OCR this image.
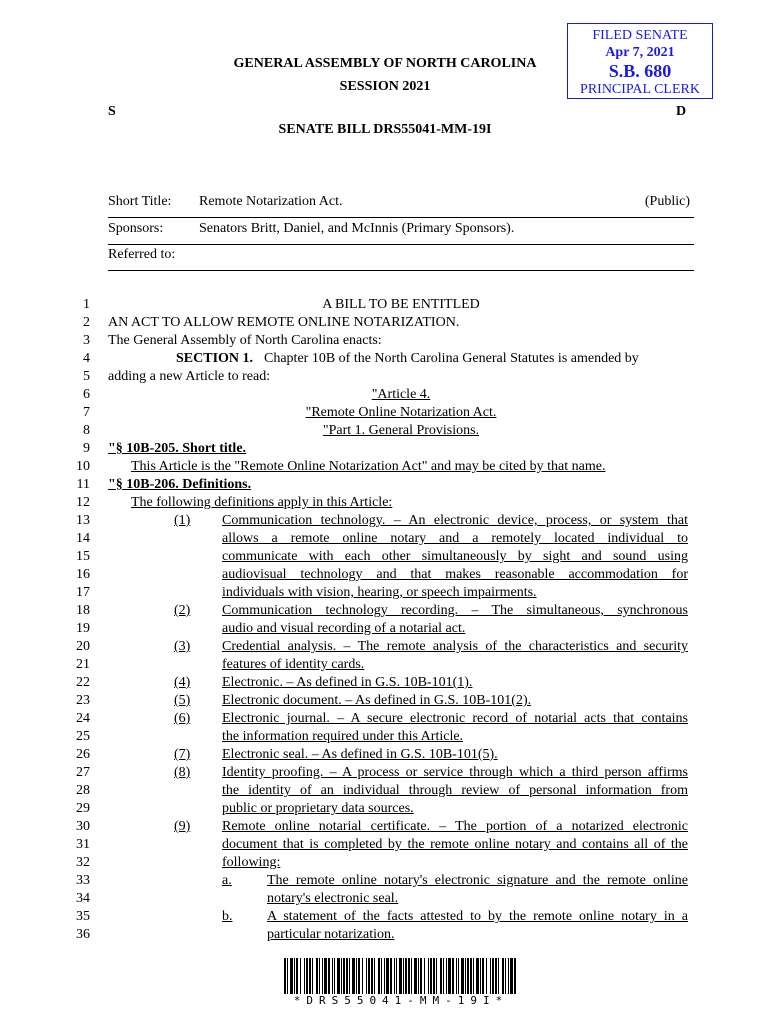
FILED SENATE
Apr 7, 2021
S.B. 680
PRINCIPAL CLERK
GENERAL ASSEMBLY OF NORTH CAROLINA
SESSION 2021
S	D
SENATE BILL DRS55041-MM-19I
Short Title: Remote Notarization Act.	(Public)
Sponsors:	Senators Britt, Daniel, and McInnis (Primary Sponsors).
Referred to:
1	A BILL TO BE ENTITLED
2 AN ACT TO ALLOW REMOTE ONLINE NOTARIZATION.
3 The General Assembly of North Carolina enacts:
4	SECTION 1. Chapter 10B of the North Carolina General Statutes is amended by
5 adding a new Article to read:
6	"Article 4.
7	"Remote Online Notarization Act.
8	"Part 1. General Provisions.
9 "§ 10B-205. Short title.
10	This Article is the "Remote Online Notarization Act" and may be cited by that name.
11 "§ 10B-206. Definitions.
12	The following definitions apply in this Article:
13	(1) Communication technology. – An electronic device, process, or system that
14	allows a remote online notary and a remotely located individual to
15	communicate with each other simultaneously by sight and sound using
16	audiovisual technology and that makes reasonable accommodation for
17	individuals with vision, hearing, or speech impairments.
18	(2) Communication technology recording. – The simultaneous, synchronous
19	audio and visual recording of a notarial act.
20	(3) Credential analysis. – The remote analysis of the characteristics and security
21	features of identity cards.
22	(4) Electronic. – As defined in G.S. 10B-101(1).
23	(5) Electronic document. – As defined in G.S. 10B-101(2).
24	(6) Electronic journal. – A secure electronic record of notarial acts that contains
25	the information required under this Article.
26	(7) Electronic seal. – As defined in G.S. 10B-101(5).
27	(8) Identity proofing. – A process or service through which a third person affirms
28	the identity of an individual through review of personal information from
29	public or proprietary data sources.
30	(9) Remote online notarial certificate. – The portion of a notarized electronic
31	document that is completed by the remote online notary and contains all of the
32	following:
33	a.	The remote online notary's electronic signature and the remote online
34	notary's electronic seal.
35	b. A statement of the facts attested to by the remote online notary in a
36	particular notarization.
*DRS55041-MM-19I*
